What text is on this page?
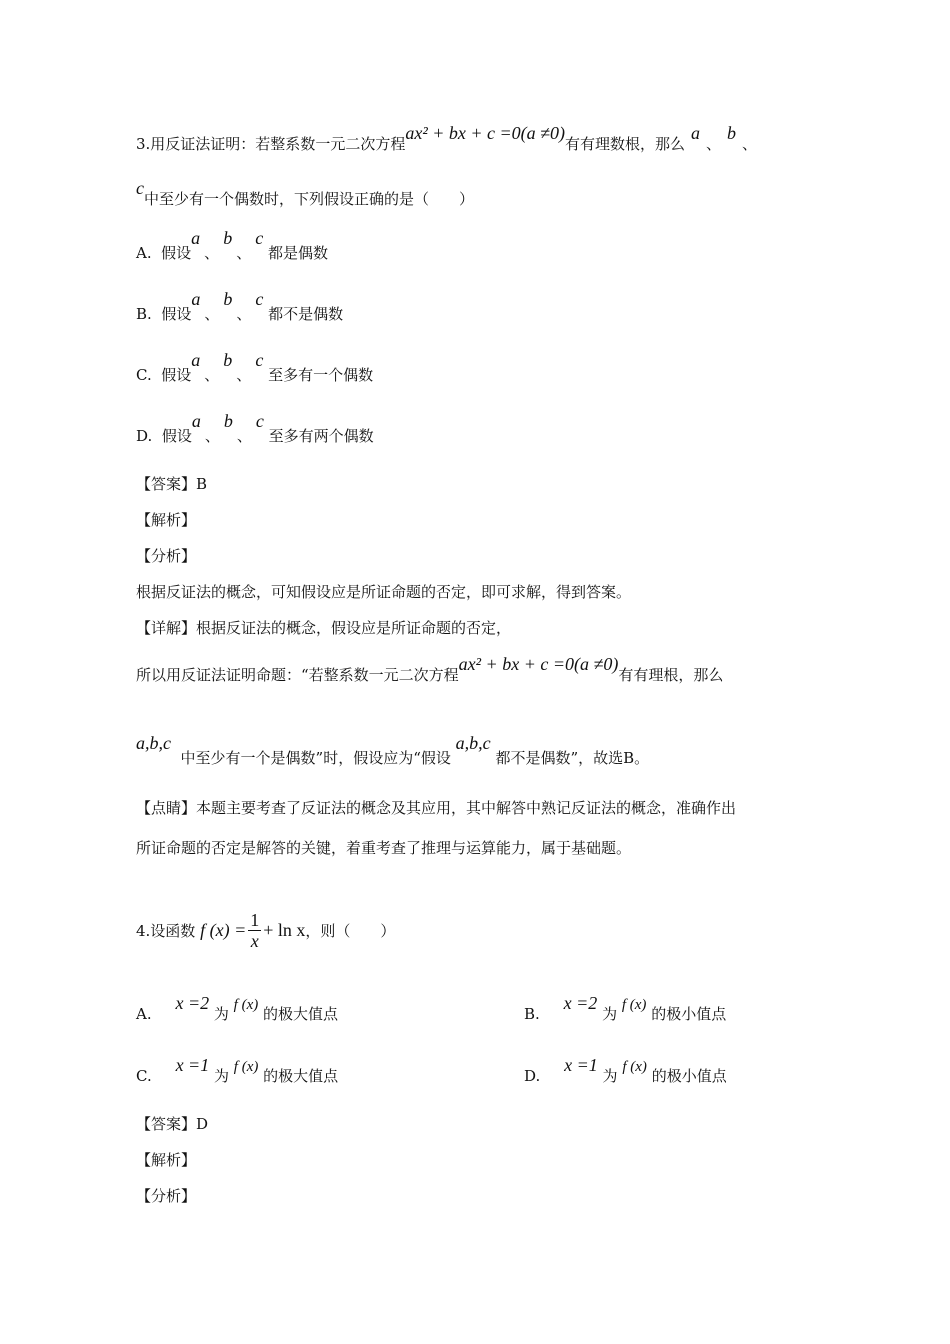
3.用反证法证明：若整系数一元二次方程ax² + bx + c =0(a ≠0)有有理数根，那么a、b、
c中至少有一个偶数时，下列假设正确的是（　　）
A. 假设a、b、c 都是偶数
B. 假设a、b、c 都不是偶数
C. 假设a、b、c 至多有一个偶数
D. 假设a、b、c 至多有两个偶数
【答案】B
【解析】
【分析】
根据反证法的概念，可知假设应是所证命题的否定，即可求解，得到答案。
【详解】根据反证法的概念，假设应是所证命题的否定，
所以用反证法证明命题：“若整系数一元二次方程ax² + bx + c =0(a ≠0)有有理根，那么
a,b,c  中至少有一个是偶数”时，假设应为“假设 a,b,c 都不是偶数”，故选B。
【点睛】本题主要考查了反证法的概念及其应用，其中解答中熟记反证法的概念，准确作出
所证命题的否定是解答的关键，着重考查了推理与运算能力，属于基础题。
4.设函数 f $(x) = \frac{1}{x} + \ln x$，则（　　）
A.     x =2 为 f (x) 的极大值点	B.     x =2 为 f (x) 的极小值点
C.     x =1 为 f (x) 的极大值点	D.     x =1 为 f (x) 的极小值点
【答案】D
【解析】
【分析】
